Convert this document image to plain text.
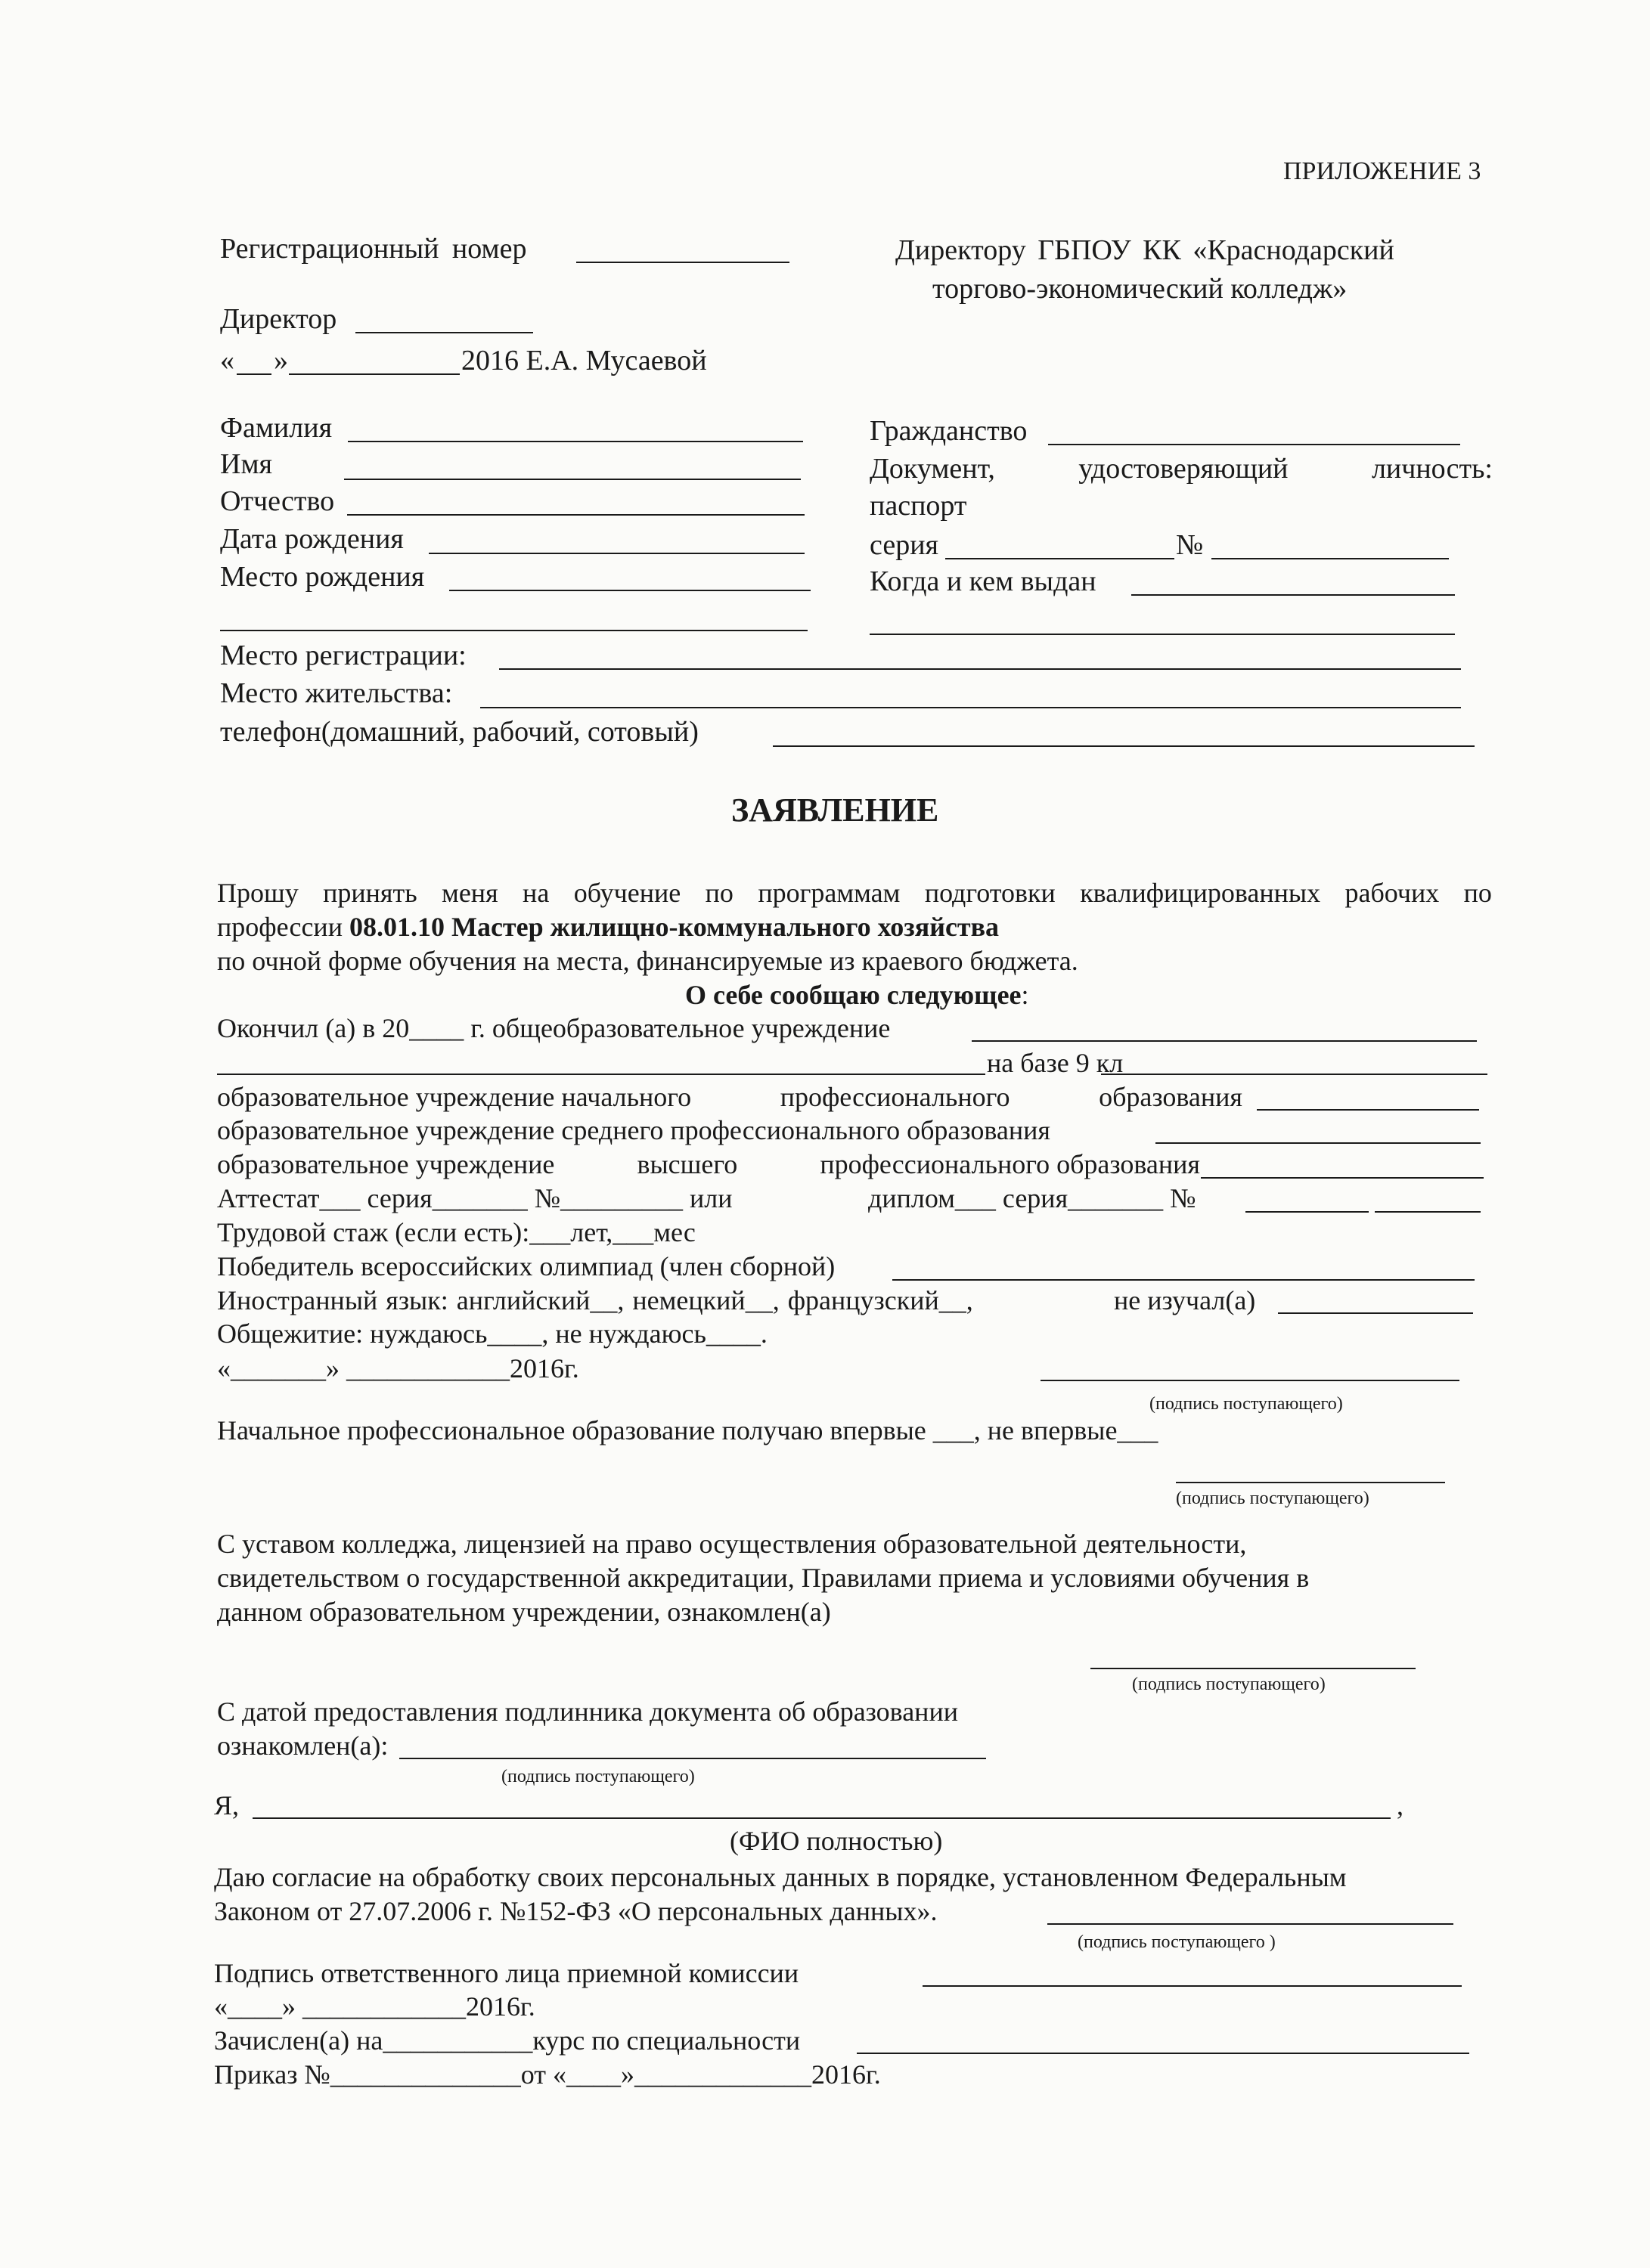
ПРИЛОЖЕНИЕ 3
Регистрационный номер	Директору ГБПОУ КК «Краснодарский
торгово-экономический колледж»
Директор
« »	2016 Е.А. Мусаевой
Фамилия
Имя
Отчество
Дата рождения
Место рождения
Гражданство
Документ,	удостоверяющий	личность:
паспорт
серия	№
Когда и кем выдан
Место регистрации:
Место жительства:
телефон(домашний, рабочий, сотовый)
ЗАЯВЛЕНИЕ
Прошу принять меня на обучение по программам подготовки квалифицированных рабочих по
профессии 08.01.10 Мастер жилищно-коммунального хозяйства
по очной форме обучения на места, финансируемые из краевого бюджета.
О себе сообщаю следующее:
Окончил (а) в 20____ г. общеобразовательное учреждение
на базе 9 кл
образовательное учреждение начального	профессионального	образования
образовательное учреждение среднего профессионального образования
образовательное учреждение	высшего	профессионального образования
Аттестат___ серия_______ №_________ или	диплом___ серия_______ №
Трудовой стаж (если есть):___лет,___мес
Победитель всероссийских олимпиад (член сборной)
Иностранный язык: английский__, немецкий__, французский__,	не изучал(а)
Общежитие: нуждаюсь____, не нуждаюсь____.
«_______» ____________2016г.
(подпись поступающего)
Начальное профессиональное образование получаю впервые ___, не впервые___
(подпись поступающего)
С уставом колледжа, лицензией на право осуществления образовательной деятельности,
свидетельством о государственной аккредитации, Правилами приема и условиями обучения в
данном образовательном учреждении, ознакомлен(а)
(подпись поступающего)
С датой предоставления подлинника документа об образовании
ознакомлен(а):
(подпись поступающего)
Я,	,
(ФИО полностью)
Даю согласие на обработку своих персональных данных в порядке, установленном Федеральным
Законом от 27.07.2006 г. №152-ФЗ «О персональных данных».
(подпись поступающего )
Подпись ответственного лица приемной комиссии
«____» ____________2016г.
Зачислен(а) на___________курс по специальности
Приказ №______________от «____»_____________2016г.
